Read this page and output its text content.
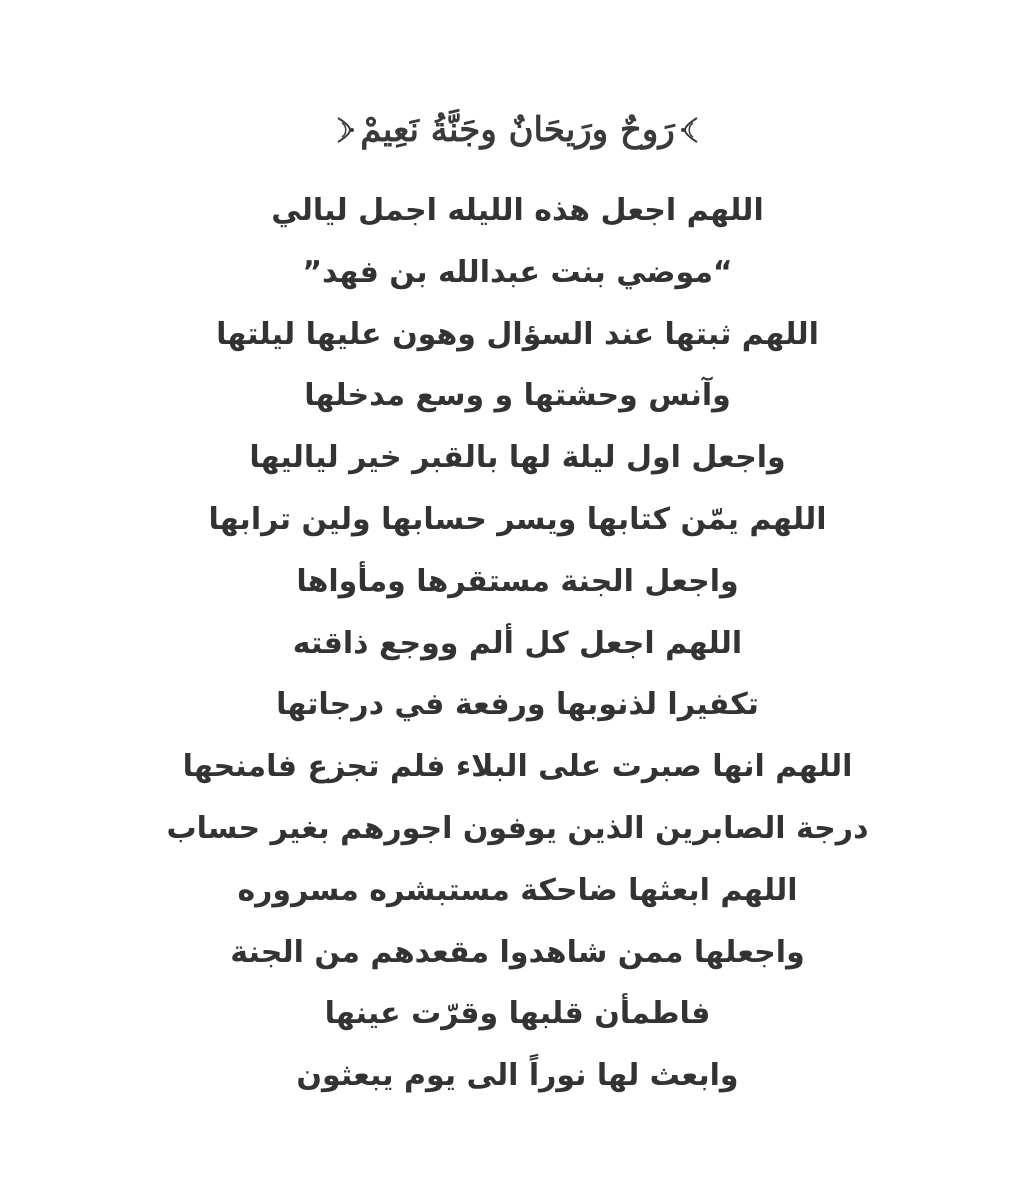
رَوحٌ ورَيحَانٌ وجَنَّةُ نَعِيمْ
اللهم اجعل هذه الليله اجمل ليالي
“موضي بنت عبدالله بن فهد”
اللهم ثبتها عند السؤال وهون عليها ليلتها
وآنس وحشتها و وسع مدخلها
واجعل اول ليلة لها بالقبر خير لياليها
اللهم يمّن كتابها ويسر حسابها ولين ترابها
واجعل الجنة مستقرها ومأواها
اللهم اجعل كل ألم ووجع ذاقته
تكفيرا لذنوبها ورفعة في درجاتها
اللهم انها صبرت على البلاء فلم تجزع فامنحها
درجة الصابرين الذين يوفون اجورهم بغير حساب
اللهم ابعثها ضاحكة مستبشره مسروره
واجعلها ممن شاهدوا مقعدهم من الجنة
فاطمأن قلبها وقرّت عينها
وابعث لها نوراً الى يوم يبعثون
